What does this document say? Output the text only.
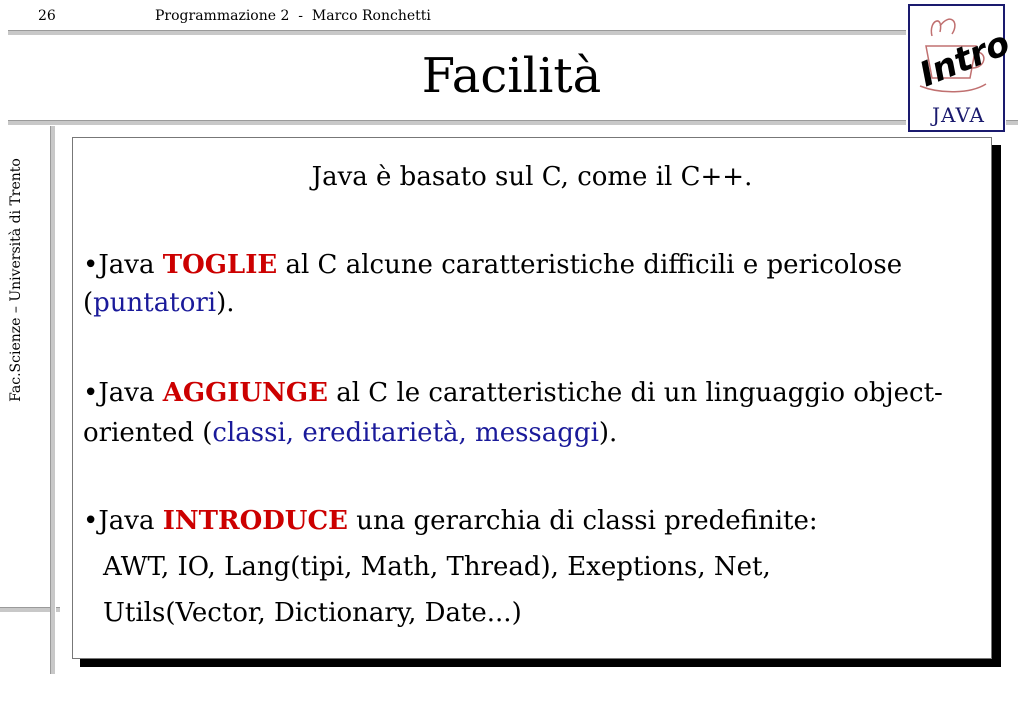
26	Programmazione 2  -  Marco Ronchetti
Facilità
Fac.Scienze – Università di Trento
Intro
JAVA
Java è basato sul C, come il C++.
•Java TOGLIE al C alcune caratteristiche difficili e pericolose
(puntatori).
•Java AGGIUNGE al C le caratteristiche di un linguaggio object-
oriented (classi, ereditarietà, messaggi).
•Java INTRODUCE una gerarchia di classi predefinite:
AWT, IO, Lang(tipi, Math, Thread), Exeptions, Net,
Utils(Vector, Dictionary, Date...)
